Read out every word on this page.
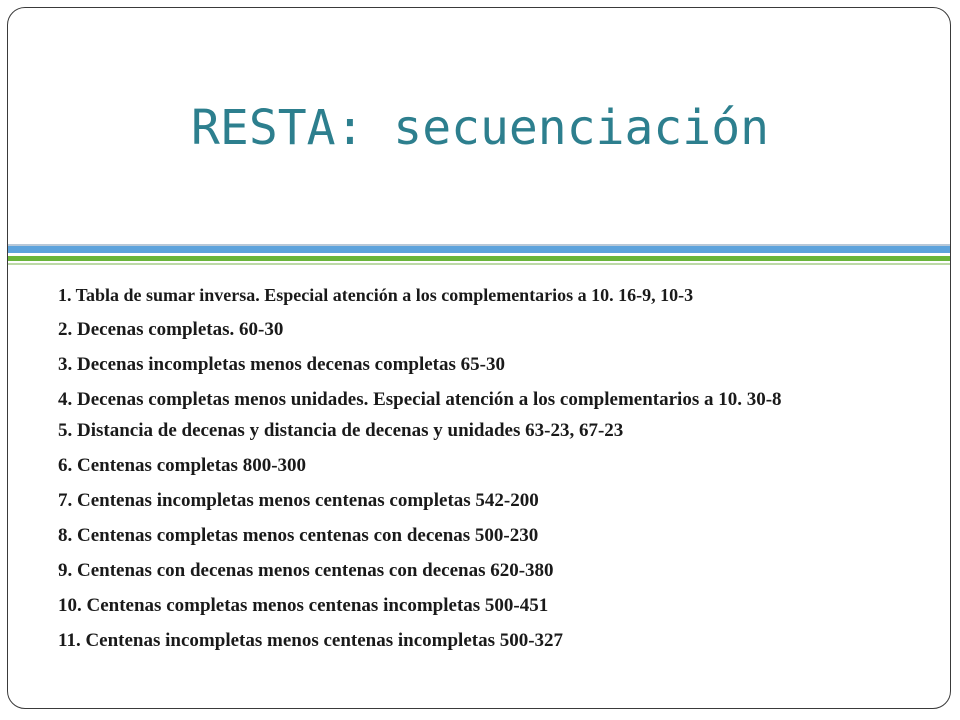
RESTA: secuenciación
1. Tabla de sumar inversa. Especial atención a los complementarios a 10. 16-9, 10-3
2. Decenas completas. 60-30
3. Decenas incompletas menos decenas completas 65-30
4. Decenas completas menos unidades. Especial atención a los complementarios a 10. 30-8
5. Distancia de decenas y distancia de decenas y unidades 63-23, 67-23
6. Centenas completas 800-300
7. Centenas incompletas menos centenas completas 542-200
8. Centenas completas menos centenas con decenas 500-230
9. Centenas con decenas menos centenas con decenas 620-380
10. Centenas completas menos centenas incompletas 500-451
11. Centenas incompletas menos centenas incompletas 500-327
